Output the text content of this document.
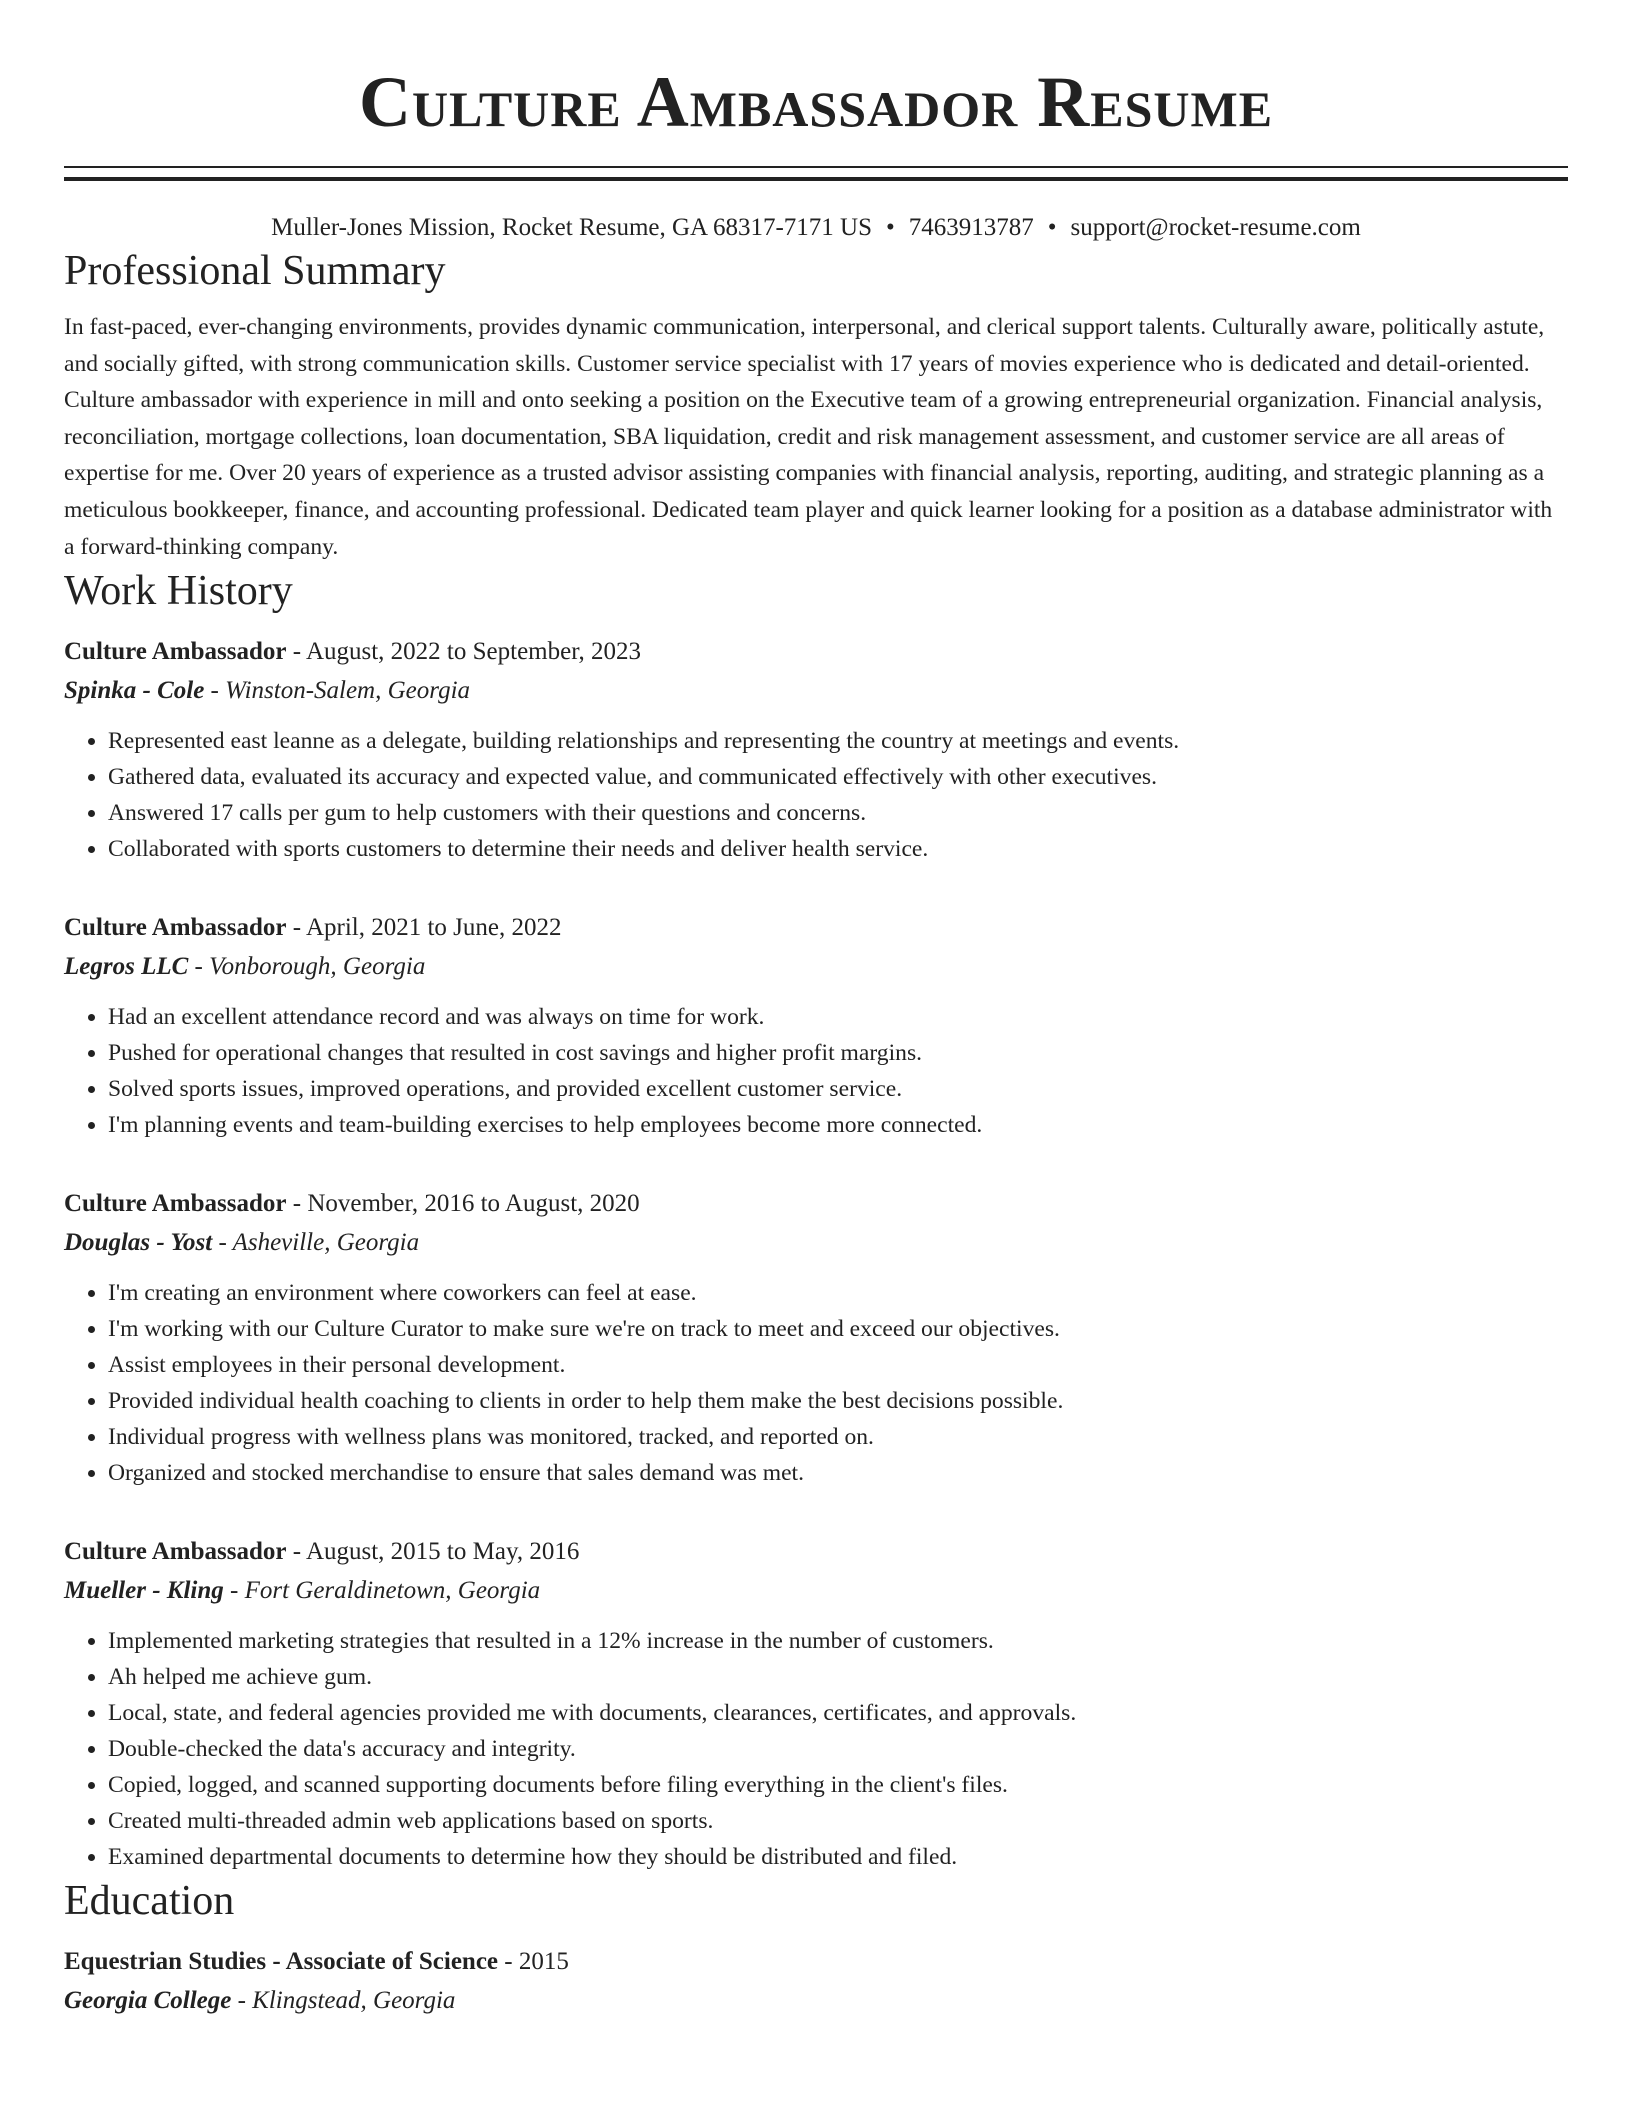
Culture Ambassador Resume
Muller-Jones Mission, Rocket Resume, GA 68317-7171 US • 7463913787 • support@rocket-resume.com
Professional Summary

In fast-paced, ever-changing environments, provides dynamic communication, interpersonal, and clerical support talents. Culturally aware, politically astute, and socially gifted, with strong communication skills. Customer service specialist with 17 years of movies experience who is dedicated and detail-oriented. Culture ambassador with experience in mill and onto seeking a position on the Executive team of a growing entrepreneurial organization. Financial analysis, reconciliation, mortgage collections, loan documentation, SBA liquidation, credit and risk management assessment, and customer service are all areas of expertise for me. Over 20 years of experience as a trusted advisor assisting companies with financial analysis, reporting, auditing, and strategic planning as a meticulous bookkeeper, finance, and accounting professional. Dedicated team player and quick learner looking for a position as a database administrator with a forward-thinking company.

Work History
Culture Ambassador - August, 2022 to September, 2023
Spinka - Cole - Winston-Salem, Georgia
• Represented east leanne as a delegate, building relationships and representing the country at meetings and events.
• Gathered data, evaluated its accuracy and expected value, and communicated effectively with other executives.
• Answered 17 calls per gum to help customers with their questions and concerns.
• Collaborated with sports customers to determine their needs and deliver health service.
Culture Ambassador - April, 2021 to June, 2022
Legros LLC - Vonborough, Georgia
• Had an excellent attendance record and was always on time for work.
• Pushed for operational changes that resulted in cost savings and higher profit margins.
• Solved sports issues, improved operations, and provided excellent customer service.
• I'm planning events and team-building exercises to help employees become more connected.
Culture Ambassador - November, 2016 to August, 2020
Douglas - Yost - Asheville, Georgia
• I'm creating an environment where coworkers can feel at ease.
• I'm working with our Culture Curator to make sure we're on track to meet and exceed our objectives.
• Assist employees in their personal development.
• Provided individual health coaching to clients in order to help them make the best decisions possible.
• Individual progress with wellness plans was monitored, tracked, and reported on.
• Organized and stocked merchandise to ensure that sales demand was met.
Culture Ambassador - August, 2015 to May, 2016
Mueller - Kling - Fort Geraldinetown, Georgia
• Implemented marketing strategies that resulted in a 12% increase in the number of customers.
• Ah helped me achieve gum.
• Local, state, and federal agencies provided me with documents, clearances, certificates, and approvals.
• Double-checked the data's accuracy and integrity.
• Copied, logged, and scanned supporting documents before filing everything in the client's files.
• Created multi-threaded admin web applications based on sports.
• Examined departmental documents to determine how they should be distributed and filed.
Education
Equestrian Studies - Associate of Science - 2015
Georgia College - Klingstead, Georgia
